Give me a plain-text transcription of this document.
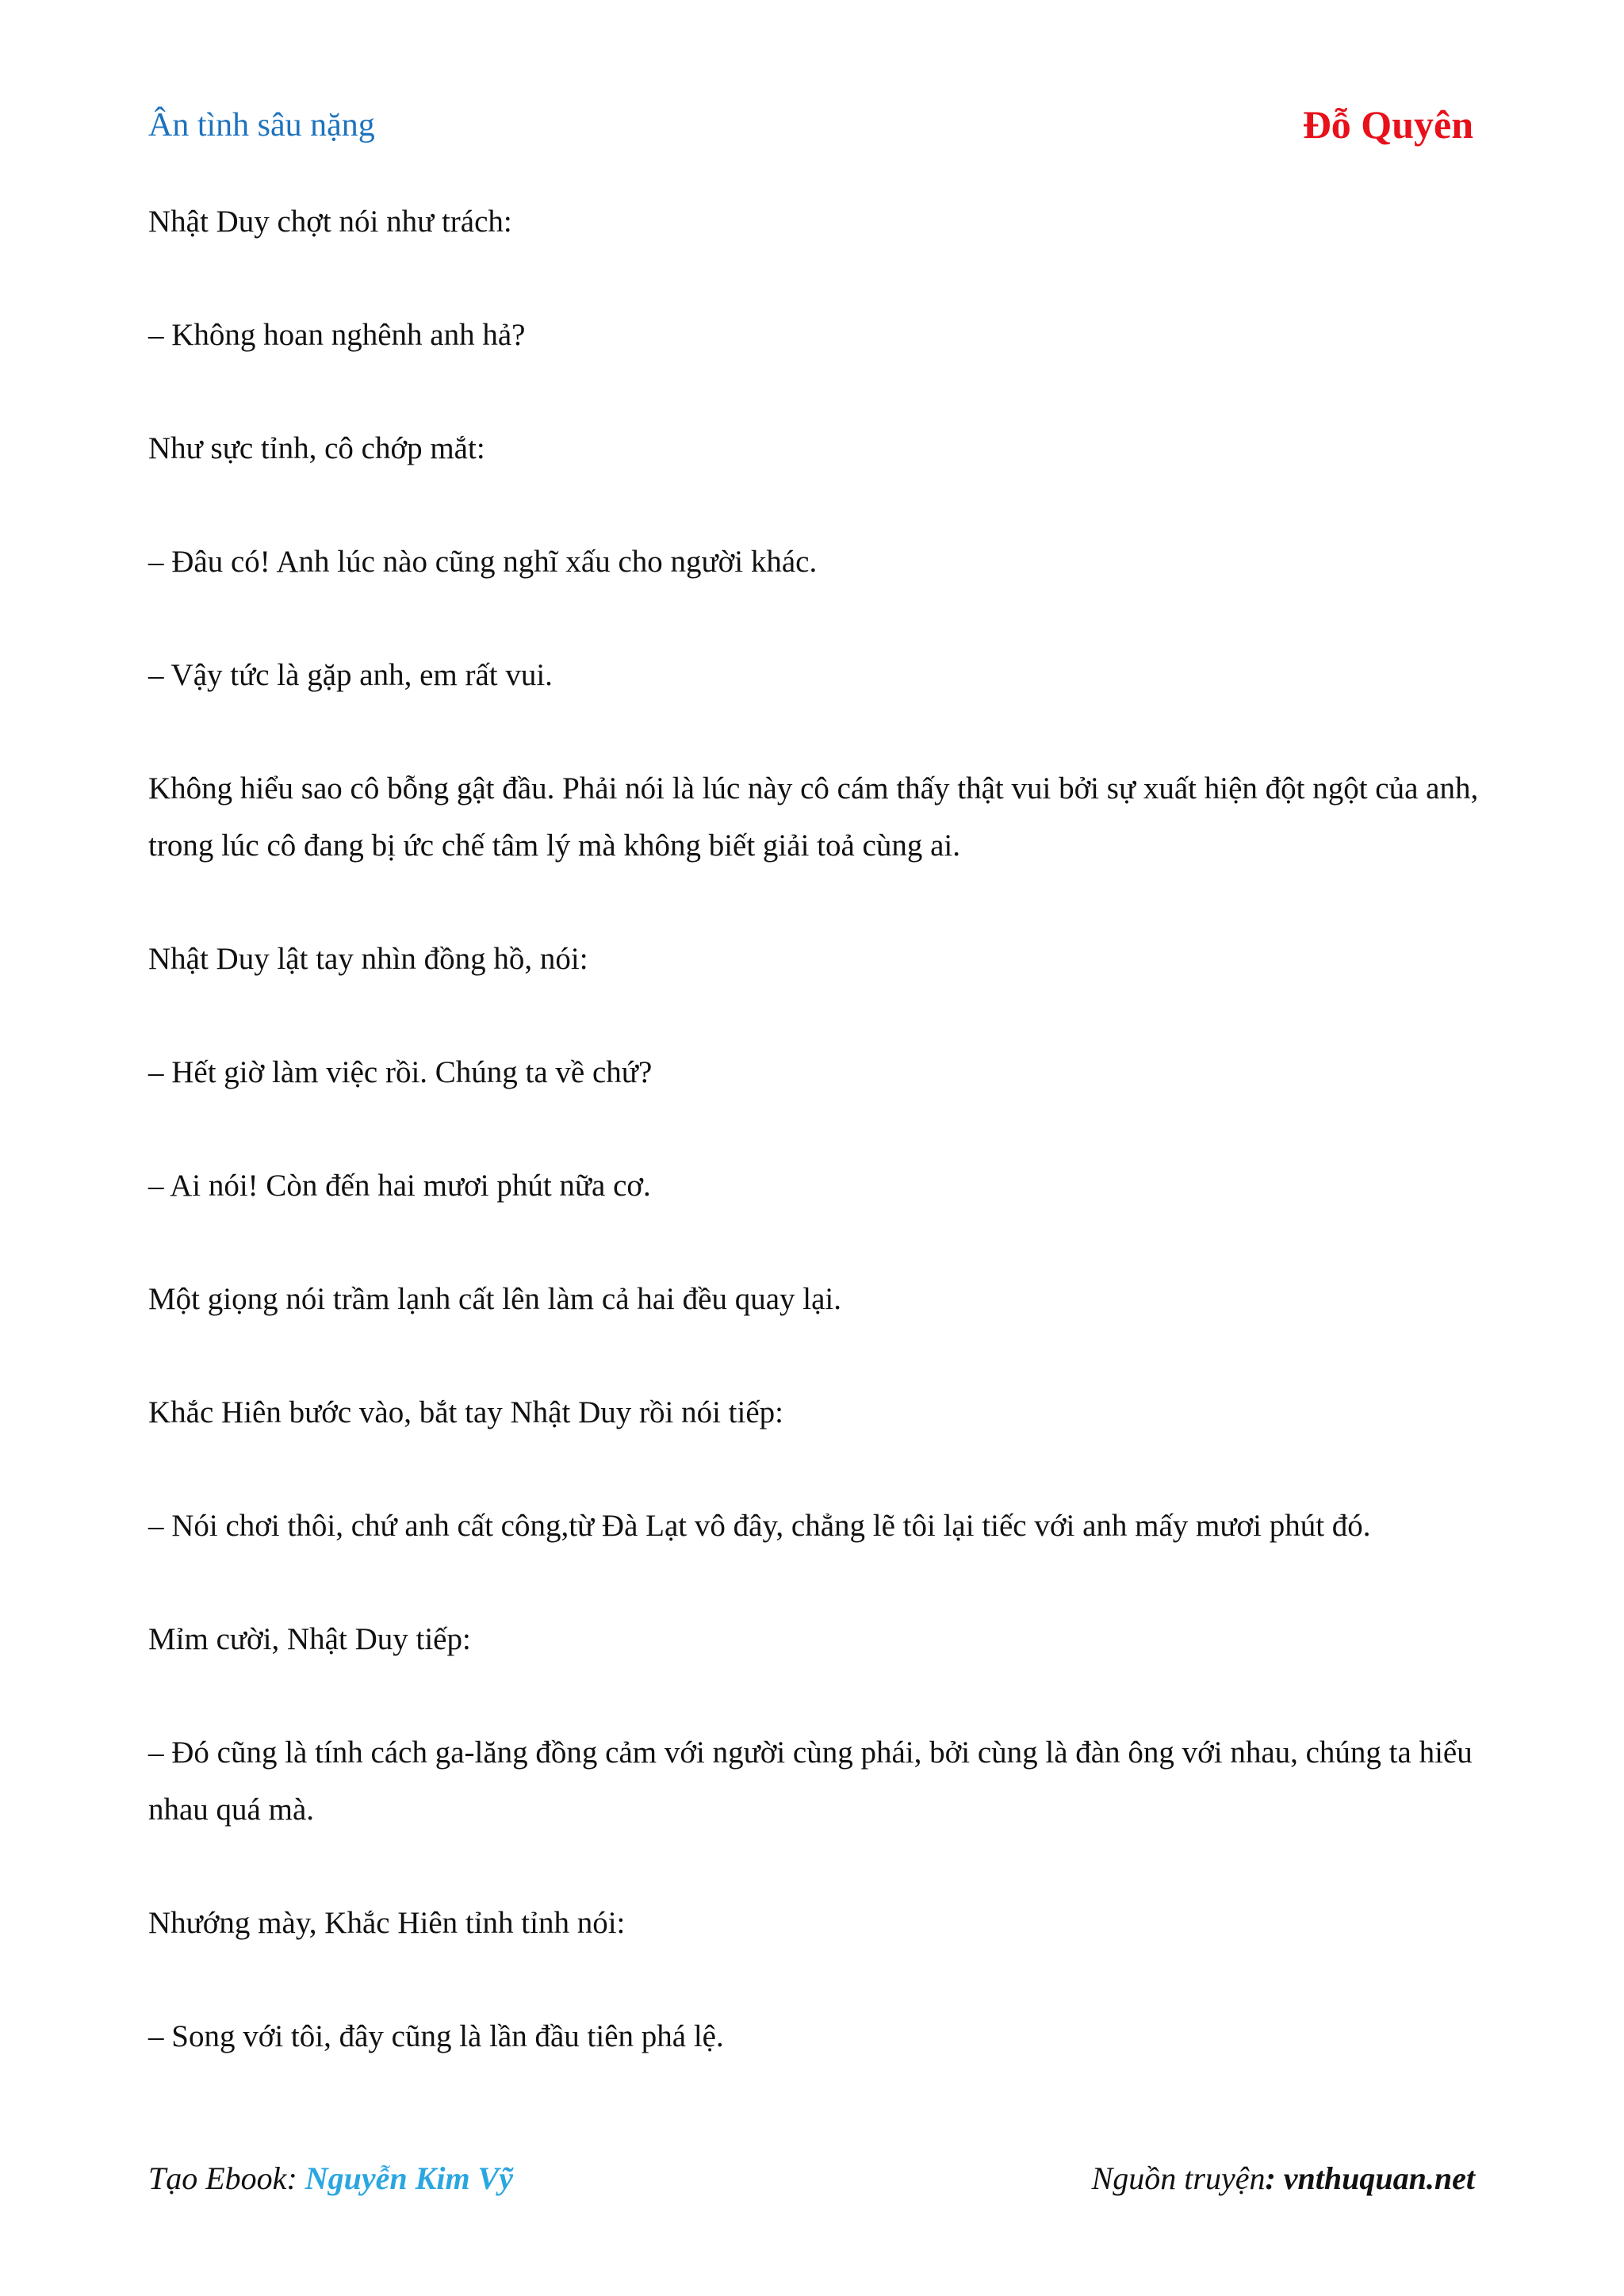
Ân tình sâu nặng	Đỗ Quyên

Nhật Duy chợt nói như trách:

– Không hoan nghênh anh hả?

Như sực tỉnh, cô chớp mắt:

– Đâu có! Anh lúc nào cũng nghĩ xấu cho người khác.

– Vậy tức là gặp anh, em rất vui.

Không hiểu sao cô bỗng gật đầu. Phải nói là lúc này cô cám thấy thật vui bởi sự xuất hiện đột ngột của anh, trong lúc cô đang bị ức chế tâm lý mà không biết giải toả cùng ai.

Nhật Duy lật tay nhìn đồng hồ, nói:

– Hết giờ làm việc rồi. Chúng ta về chứ?

– Ai nói! Còn đến hai mươi phút nữa cơ.

Một giọng nói trầm lạnh cất lên làm cả hai đều quay lại.

Khắc Hiên bước vào, bắt tay Nhật Duy rồi nói tiếp:

– Nói chơi thôi, chứ anh cất công,từ Đà Lạt vô đây, chẳng lẽ tôi lại tiếc với anh mấy mươi phút đó.

Mỉm cười, Nhật Duy tiếp:

– Đó cũng là tính cách ga-lăng đồng cảm với người cùng phái, bởi cùng là đàn ông với nhau, chúng ta hiểu nhau quá mà.

Nhướng mày, Khắc Hiên tỉnh tỉnh nói:

– Song với tôi, đây cũng là lần đầu tiên phá lệ.

Tạo Ebook: Nguyễn Kim Vỹ	Nguồn truyện: vnthuquan.net
